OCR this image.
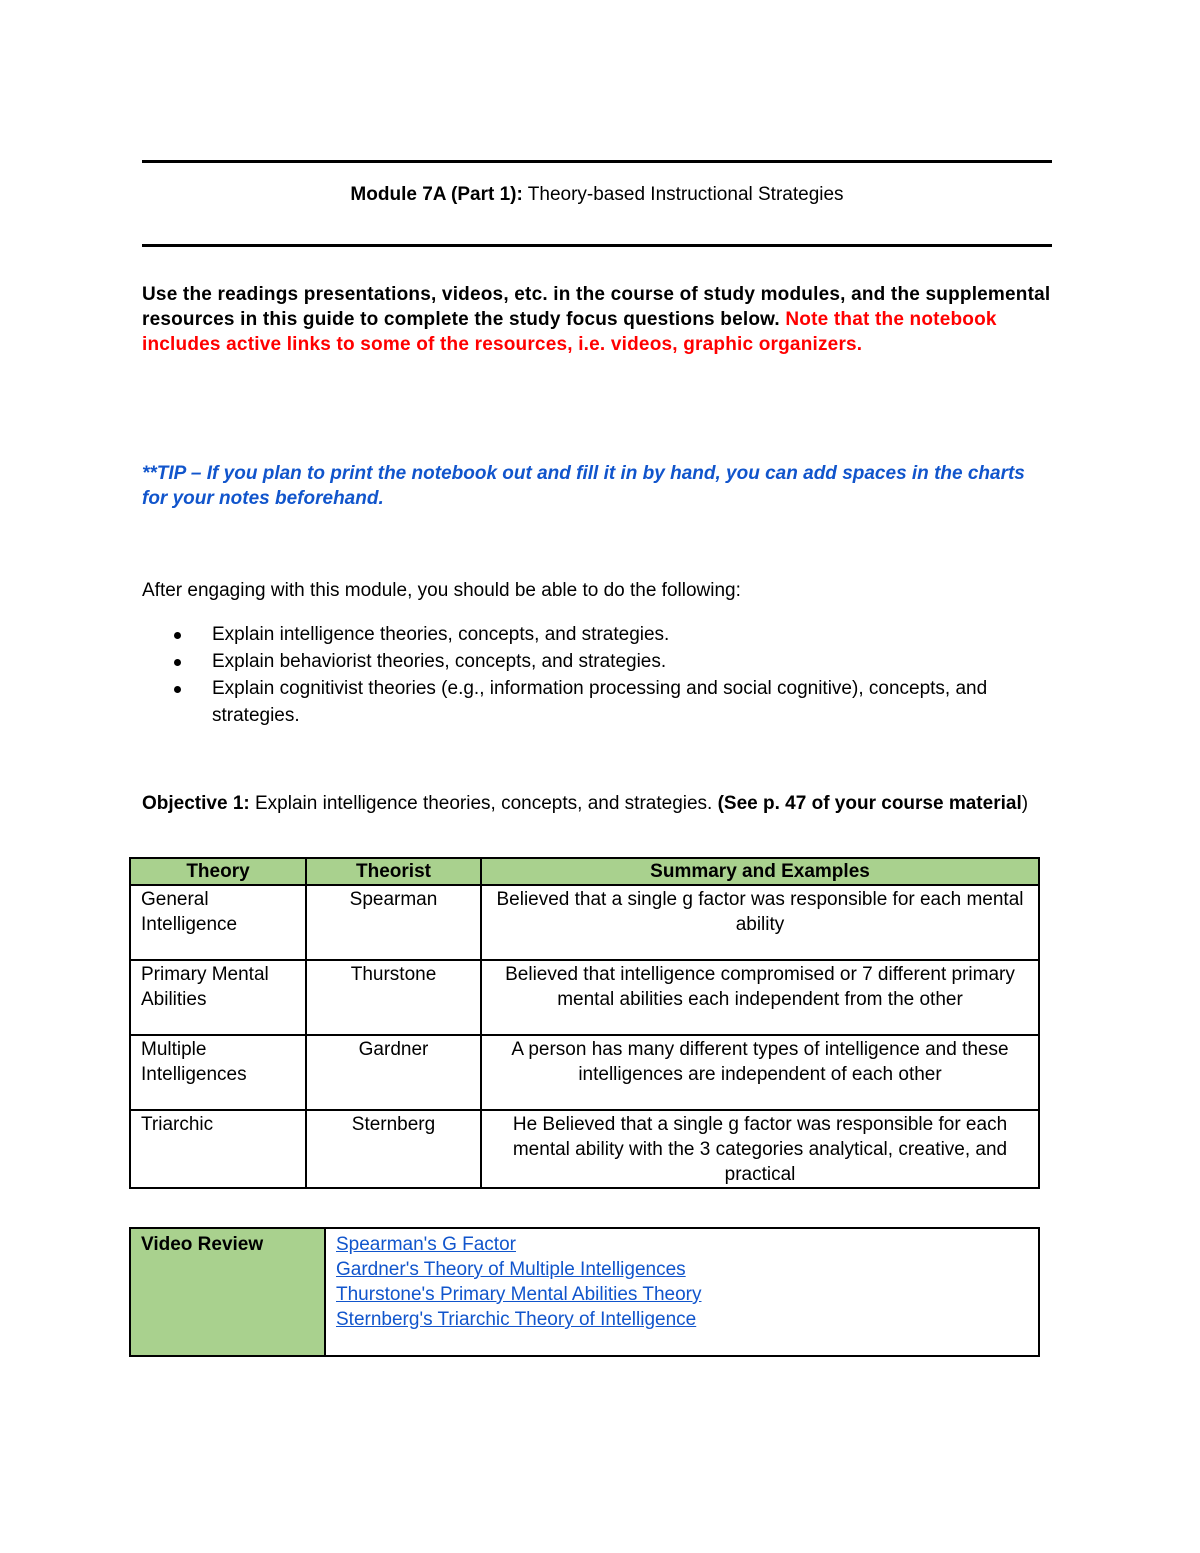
Module 7A (Part 1): Theory-based Instructional Strategies
Use the readings presentations, videos, etc. in the course of study modules, and the supplemental resources in this guide to complete the study focus questions below. Note that the notebook includes active links to some of the resources, i.e. videos, graphic organizers.
**TIP – If you plan to print the notebook out and fill it in by hand, you can add spaces in the charts for your notes beforehand.
After engaging with this module, you should be able to do the following:
Explain intelligence theories, concepts, and strategies.
Explain behaviorist theories, concepts, and strategies.
Explain cognitivist theories (e.g., information processing and social cognitive), concepts, and strategies.
Objective 1: Explain intelligence theories, concepts, and strategies. (See p. 47 of your course material)
Theory	Theorist	Summary and Examples
General Intelligence	Spearman	Believed that a single g factor was responsible for each mental ability
Primary Mental Abilities	Thurstone	Believed that intelligence compromised or 7 different primary mental abilities each independent from the other
Multiple Intelligences	Gardner	A person has many different types of intelligence and these intelligences are independent of each other
Triarchic	Sternberg	He Believed that a single g factor was responsible for each mental ability with the 3 categories analytical, creative, and practical
Video Review	Spearman's G Factor
Gardner's Theory of Multiple Intelligences
Thurstone's Primary Mental Abilities Theory
Sternberg's Triarchic Theory of Intelligence
